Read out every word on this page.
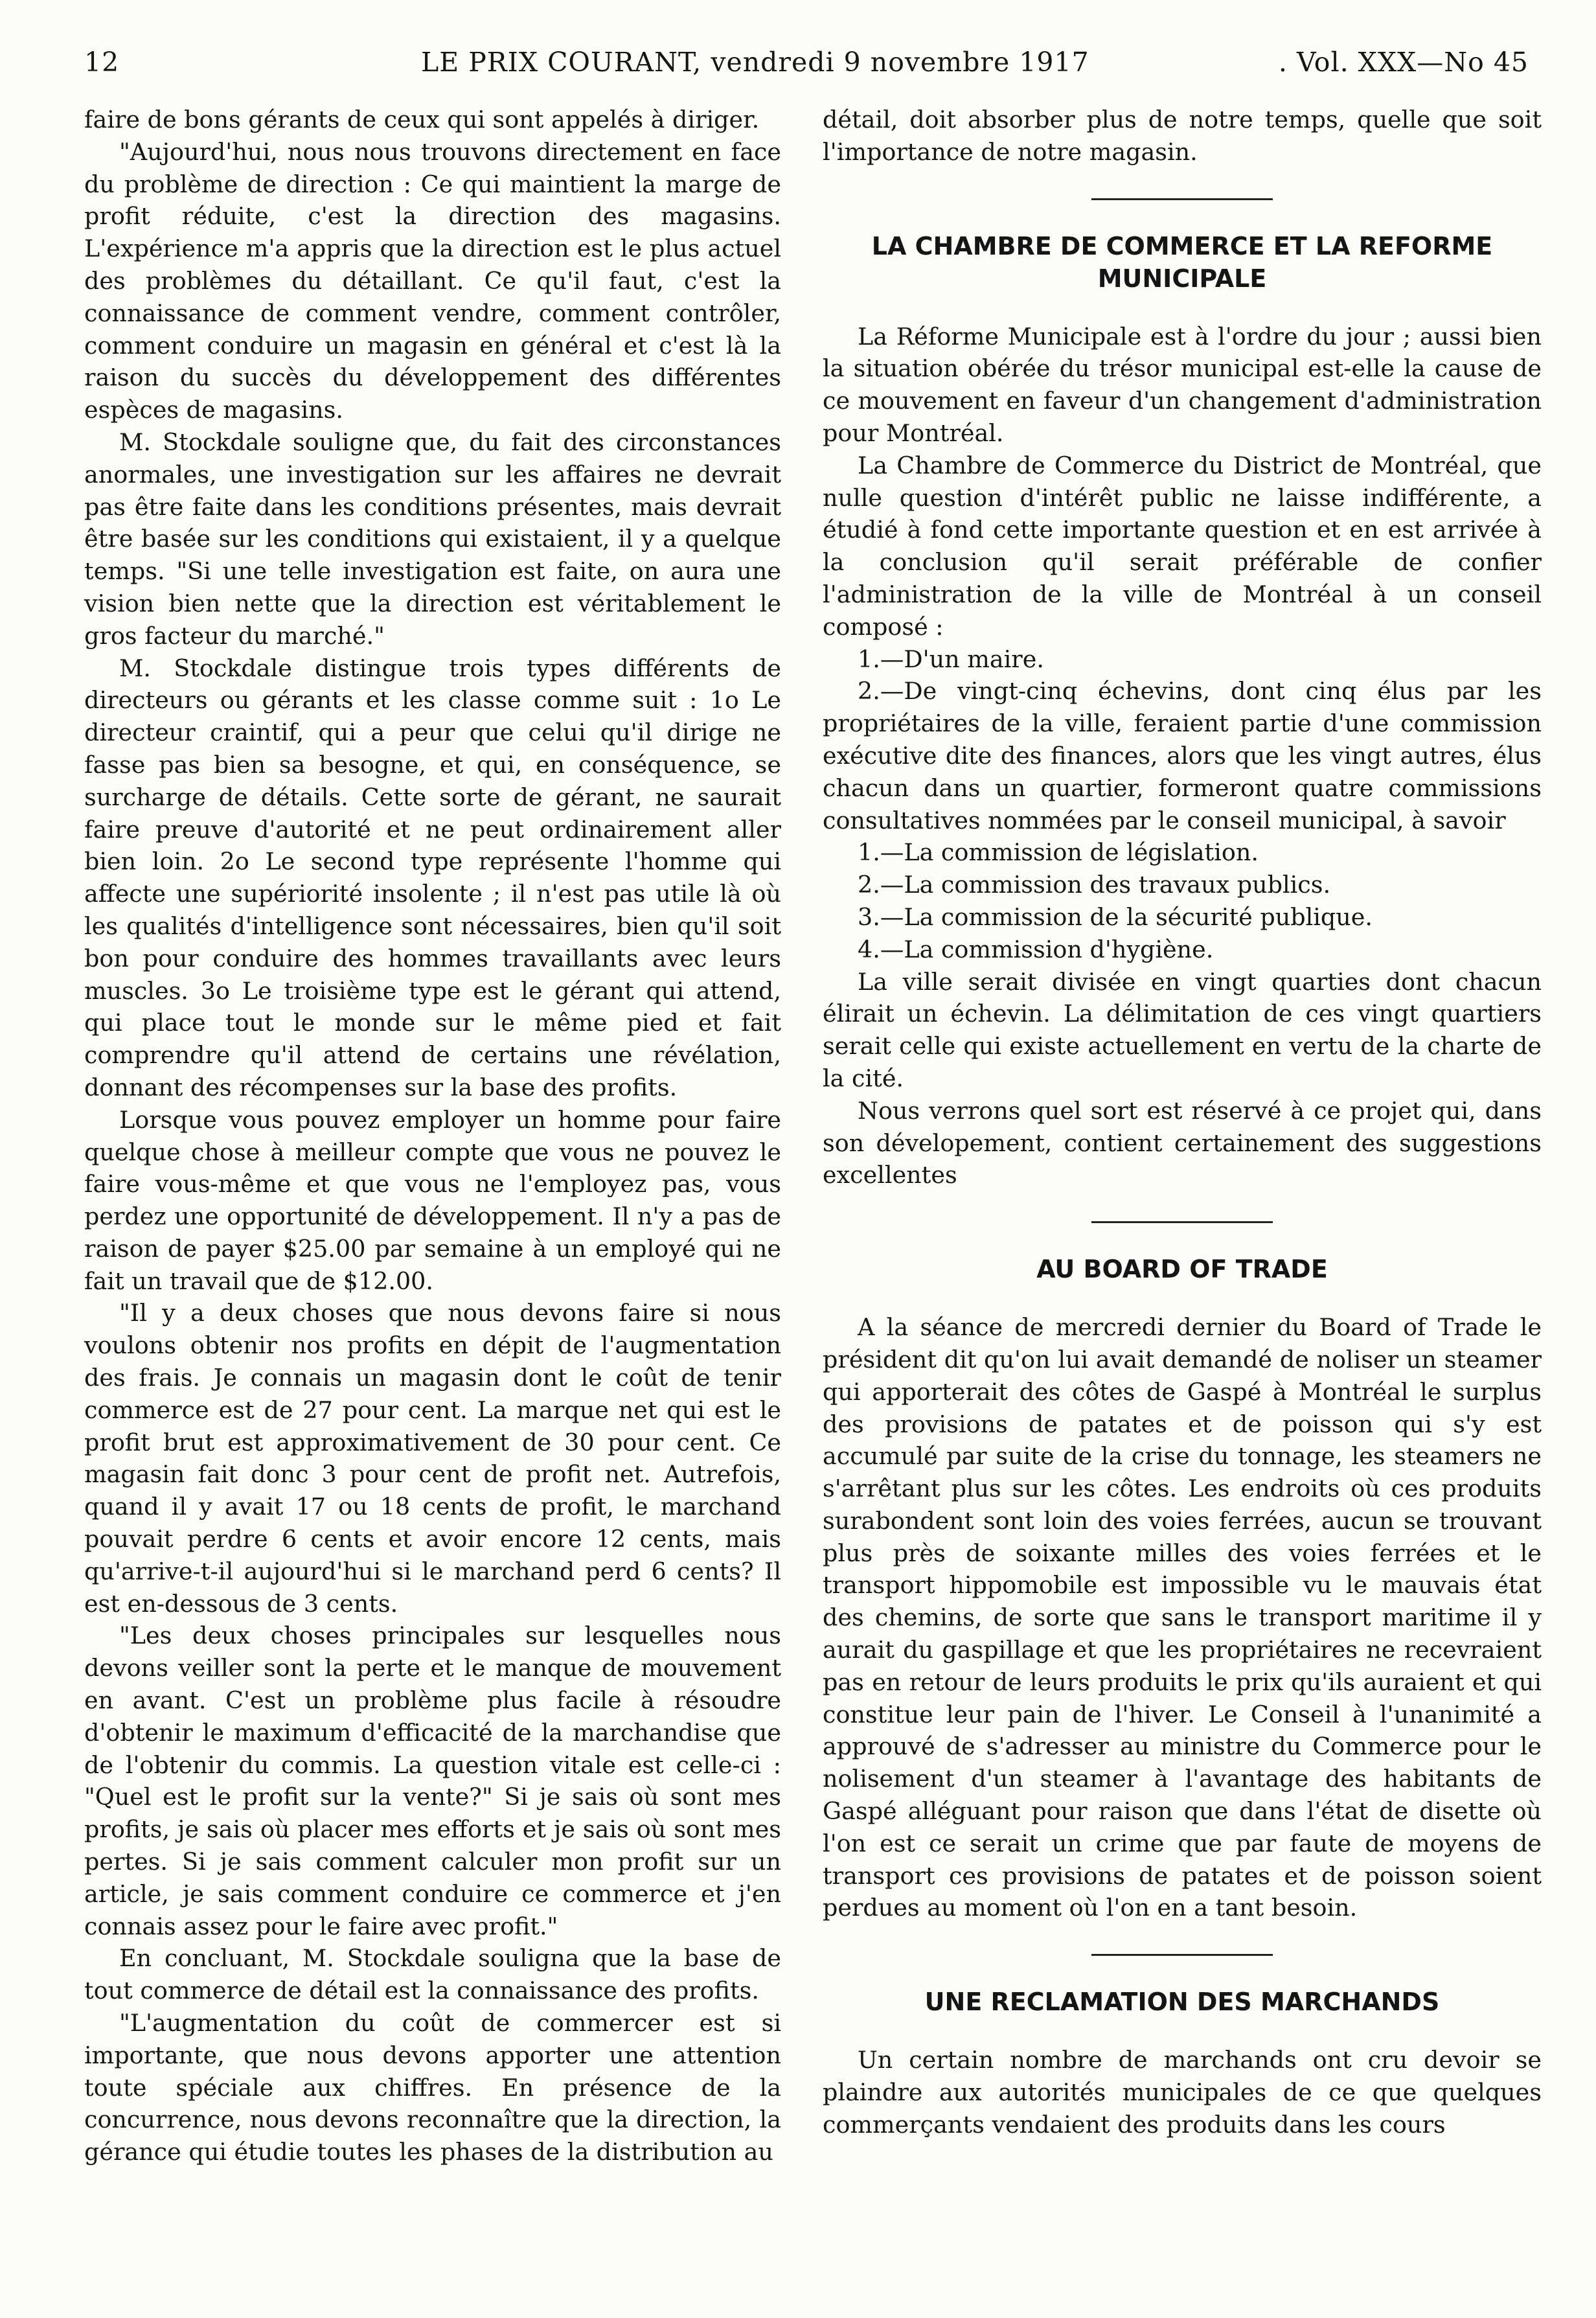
12	LE PRIX COURANT, vendredi 9 novembre 1917	. Vol. XXX—No 45

faire de bons gérants de ceux qui sont appelés à diriger.

"Aujourd'hui, nous nous trouvons directement en face du problème de direction : Ce qui maintient la marge de profit réduite, c'est la direction des magasins. L'expérience m'a appris que la direction est le plus actuel des problèmes du détaillant. Ce qu'il faut, c'est la connaissance de comment vendre, comment contrôler, comment conduire un magasin en général et c'est là la raison du succès du développement des différentes espèces de magasins.

M. Stockdale souligne que, du fait des circonstances anormales, une investigation sur les affaires ne devrait pas être faite dans les conditions présentes, mais devrait être basée sur les conditions qui existaient, il y a quelque temps. "Si une telle investigation est faite, on aura une vision bien nette que la direction est véritablement le gros facteur du marché."

M. Stockdale distingue trois types différents de directeurs ou gérants et les classe comme suit : 1o Le directeur craintif, qui a peur que celui qu'il dirige ne fasse pas bien sa besogne, et qui, en conséquence, se surcharge de détails. Cette sorte de gérant, ne saurait faire preuve d'autorité et ne peut ordinairement aller bien loin. 2o Le second type représente l'homme qui affecte une supériorité insolente ; il n'est pas utile là où les qualités d'intelligence sont nécessaires, bien qu'il soit bon pour conduire des hommes travaillants avec leurs muscles. 3o Le troisième type est le gérant qui attend, qui place tout le monde sur le même pied et fait comprendre qu'il attend de certains une révélation, donnant des récompenses sur la base des profits.

Lorsque vous pouvez employer un homme pour faire quelque chose à meilleur compte que vous ne pouvez le faire vous-même et que vous ne l'employez pas, vous perdez une opportunité de développement. Il n'y a pas de raison de payer $25.00 par semaine à un employé qui ne fait un travail que de $12.00.

"Il y a deux choses que nous devons faire si nous voulons obtenir nos profits en dépit de l'augmentation des frais. Je connais un magasin dont le coût de tenir commerce est de 27 pour cent. La marque net qui est le profit brut est approximativement de 30 pour cent. Ce magasin fait donc 3 pour cent de profit net. Autrefois, quand il y avait 17 ou 18 cents de profit, le marchand pouvait perdre 6 cents et avoir encore 12 cents, mais qu'arrive-t-il aujourd'hui si le marchand perd 6 cents? Il est en-dessous de 3 cents.

"Les deux choses principales sur lesquelles nous devons veiller sont la perte et le manque de mouvement en avant. C'est un problème plus facile à résoudre d'obtenir le maximum d'efficacité de la marchandise que de l'obtenir du commis. La question vitale est celle-ci : "Quel est le profit sur la vente?" Si je sais où sont mes profits, je sais où placer mes efforts et je sais où sont mes pertes. Si je sais comment calculer mon profit sur un article, je sais comment conduire ce commerce et j'en connais assez pour le faire avec profit."

En concluant, M. Stockdale souligna que la base de tout commerce de détail est la connaissance des profits.

"L'augmentation du coût de commercer est si importante, que nous devons apporter une attention toute spéciale aux chiffres. En présence de la concurrence, nous devons reconnaître que la direction, la gérance qui étudie toutes les phases de la distribution au

détail, doit absorber plus de notre temps, quelle que soit l'importance de notre magasin.

LA CHAMBRE DE COMMERCE ET LA REFORME MUNICIPALE

La Réforme Municipale est à l'ordre du jour ; aussi bien la situation obérée du trésor municipal est-elle la cause de ce mouvement en faveur d'un changement d'administration pour Montréal.

La Chambre de Commerce du District de Montréal, que nulle question d'intérêt public ne laisse indifférente, a étudié à fond cette importante question et en est arrivée à la conclusion qu'il serait préférable de confier l'administration de la ville de Montréal à un conseil composé :

1.—D'un maire.

2.—De vingt-cinq échevins, dont cinq élus par les propriétaires de la ville, feraient partie d'une commission exécutive dite des finances, alors que les vingt autres, élus chacun dans un quartier, formeront quatre commissions consultatives nommées par le conseil municipal, à savoir

1.—La commission de législation.

2.—La commission des travaux publics.

3.—La commission de la sécurité publique.

4.—La commission d'hygiène.

La ville serait divisée en vingt quarties dont chacun élirait un échevin. La délimitation de ces vingt quartiers serait celle qui existe actuellement en vertu de la charte de la cité.

Nous verrons quel sort est réservé à ce projet qui, dans son dévelopement, contient certainement des suggestions excellentes

AU BOARD OF TRADE

A la séance de mercredi dernier du Board of Trade le président dit qu'on lui avait demandé de noliser un steamer qui apporterait des côtes de Gaspé à Montréal le surplus des provisions de patates et de poisson qui s'y est accumulé par suite de la crise du tonnage, les steamers ne s'arrêtant plus sur les côtes. Les endroits où ces produits surabondent sont loin des voies ferrées, aucun se trouvant plus près de soixante milles des voies ferrées et le transport hippomobile est impossible vu le mauvais état des chemins, de sorte que sans le transport maritime il y aurait du gaspillage et que les propriétaires ne recevraient pas en retour de leurs produits le prix qu'ils auraient et qui constitue leur pain de l'hiver. Le Conseil à l'unanimité a approuvé de s'adresser au ministre du Commerce pour le nolisement d'un steamer à l'avantage des habitants de Gaspé alléguant pour raison que dans l'état de disette où l'on est ce serait un crime que par faute de moyens de transport ces provisions de patates et de poisson soient perdues au moment où l'on en a tant besoin.

UNE RECLAMATION DES MARCHANDS

Un certain nombre de marchands ont cru devoir se plaindre aux autorités municipales de ce que quelques commerçants vendaient des produits dans les cours
